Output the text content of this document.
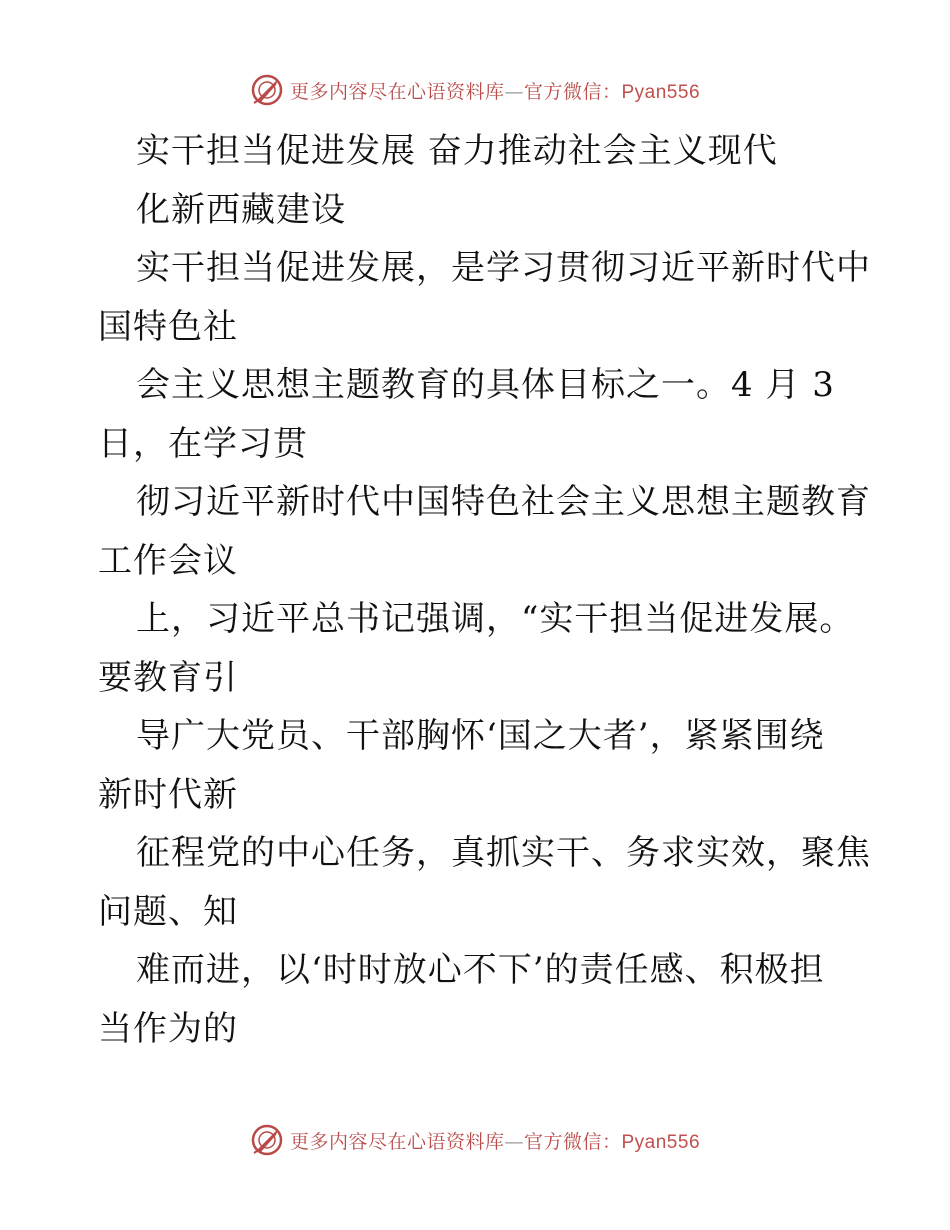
更多内容尽在心语资料库—官方微信：Pyan556
实干担当促进发展 奋力推动社会主义现代
化新西藏建设
实干担当促进发展，是学习贯彻习近平新时代中
国特色社
会主义思想主题教育的具体目标之一。4 月 3
日，在学习贯
彻习近平新时代中国特色社会主义思想主题教育
工作会议
上，习近平总书记强调，“实干担当促进发展。
要教育引
导广大党员、干部胸怀‘国之大者’，紧紧围绕
新时代新
征程党的中心任务，真抓实干、务求实效，聚焦
问题、知
难而进，以‘时时放心不下’的责任感、积极担
当作为的
更多内容尽在心语资料库—官方微信：Pyan556
